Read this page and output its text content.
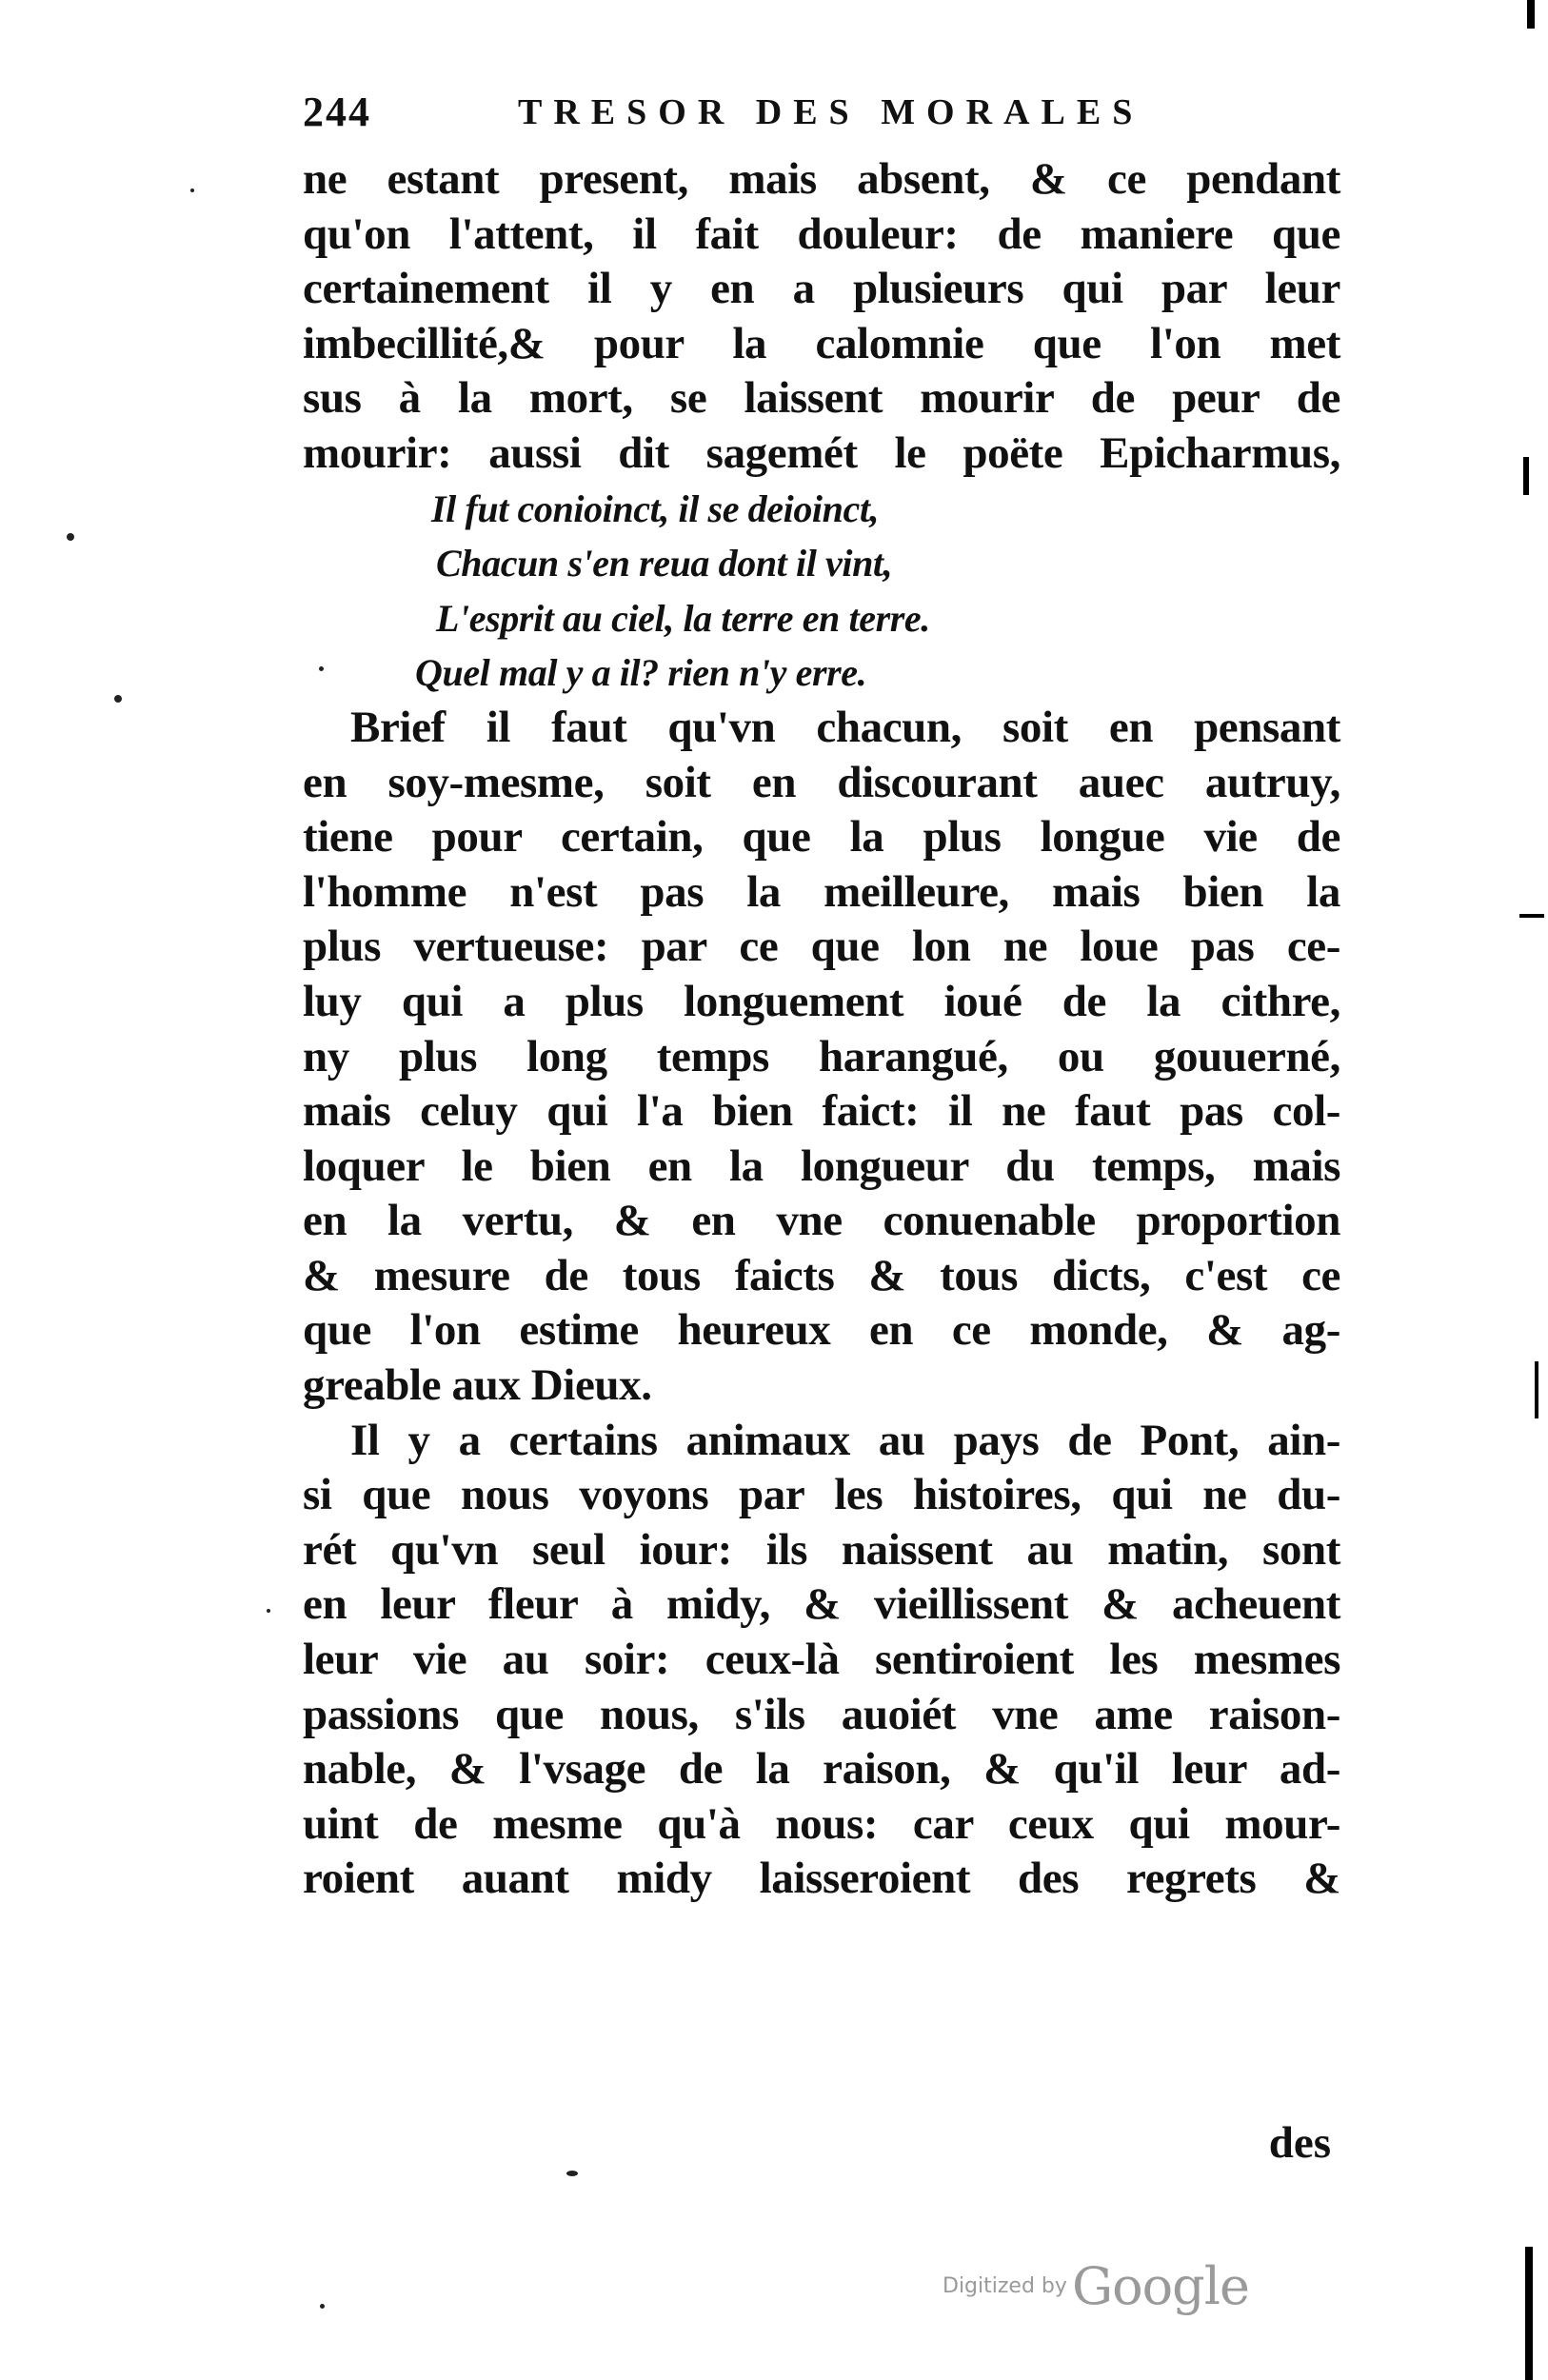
244	TRESOR DES MORALES
ne estant present, mais absent, & ce pendant
qu'on l'attent, il fait douleur: de maniere que
certainement il y en a plusieurs qui par leur
imbecillité,& pour la calomnie que l'on met
sus à la mort, se laissent mourir de peur de
mourir: aussi dit sagemét le poëte Epicharmus,
Il fut conioinct, il se deioinct,
Chacun s'en reua dont il vint,
L'esprit au ciel, la terre en terre.
Quel mal y a il? rien n'y erre.
Brief il faut qu'vn chacun, soit en pensant
en soy-mesme, soit en discourant auec autruy,
tiene pour certain, que la plus longue vie de
l'homme n'est pas la meilleure, mais bien la
plus vertueuse: par ce que lon ne loue pas ce-
luy qui a plus longuement ioué de la cithre,
ny plus long temps harangué, ou gouuerné,
mais celuy qui l'a bien faict: il ne faut pas col-
loquer le bien en la longueur du temps, mais
en la vertu, & en vne conuenable proportion
& mesure de tous faicts & tous dicts, c'est ce
que l'on estime heureux en ce monde, & ag-
greable aux Dieux.
Il y a certains animaux au pays de Pont, ain-
si que nous voyons par les histoires, qui ne du-
rét qu'vn seul iour: ils naissent au matin, sont
en leur fleur à midy, & vieillissent & acheuent
leur vie au soir: ceux-là sentiroient les mesmes
passions que nous, s'ils auoiét vne ame raison-
nable, & l'vsage de la raison, & qu'il leur ad-
uint de mesme qu'à nous: car ceux qui mour-
roient auant midy laisseroient des regrets &
des
Digitized by Google
